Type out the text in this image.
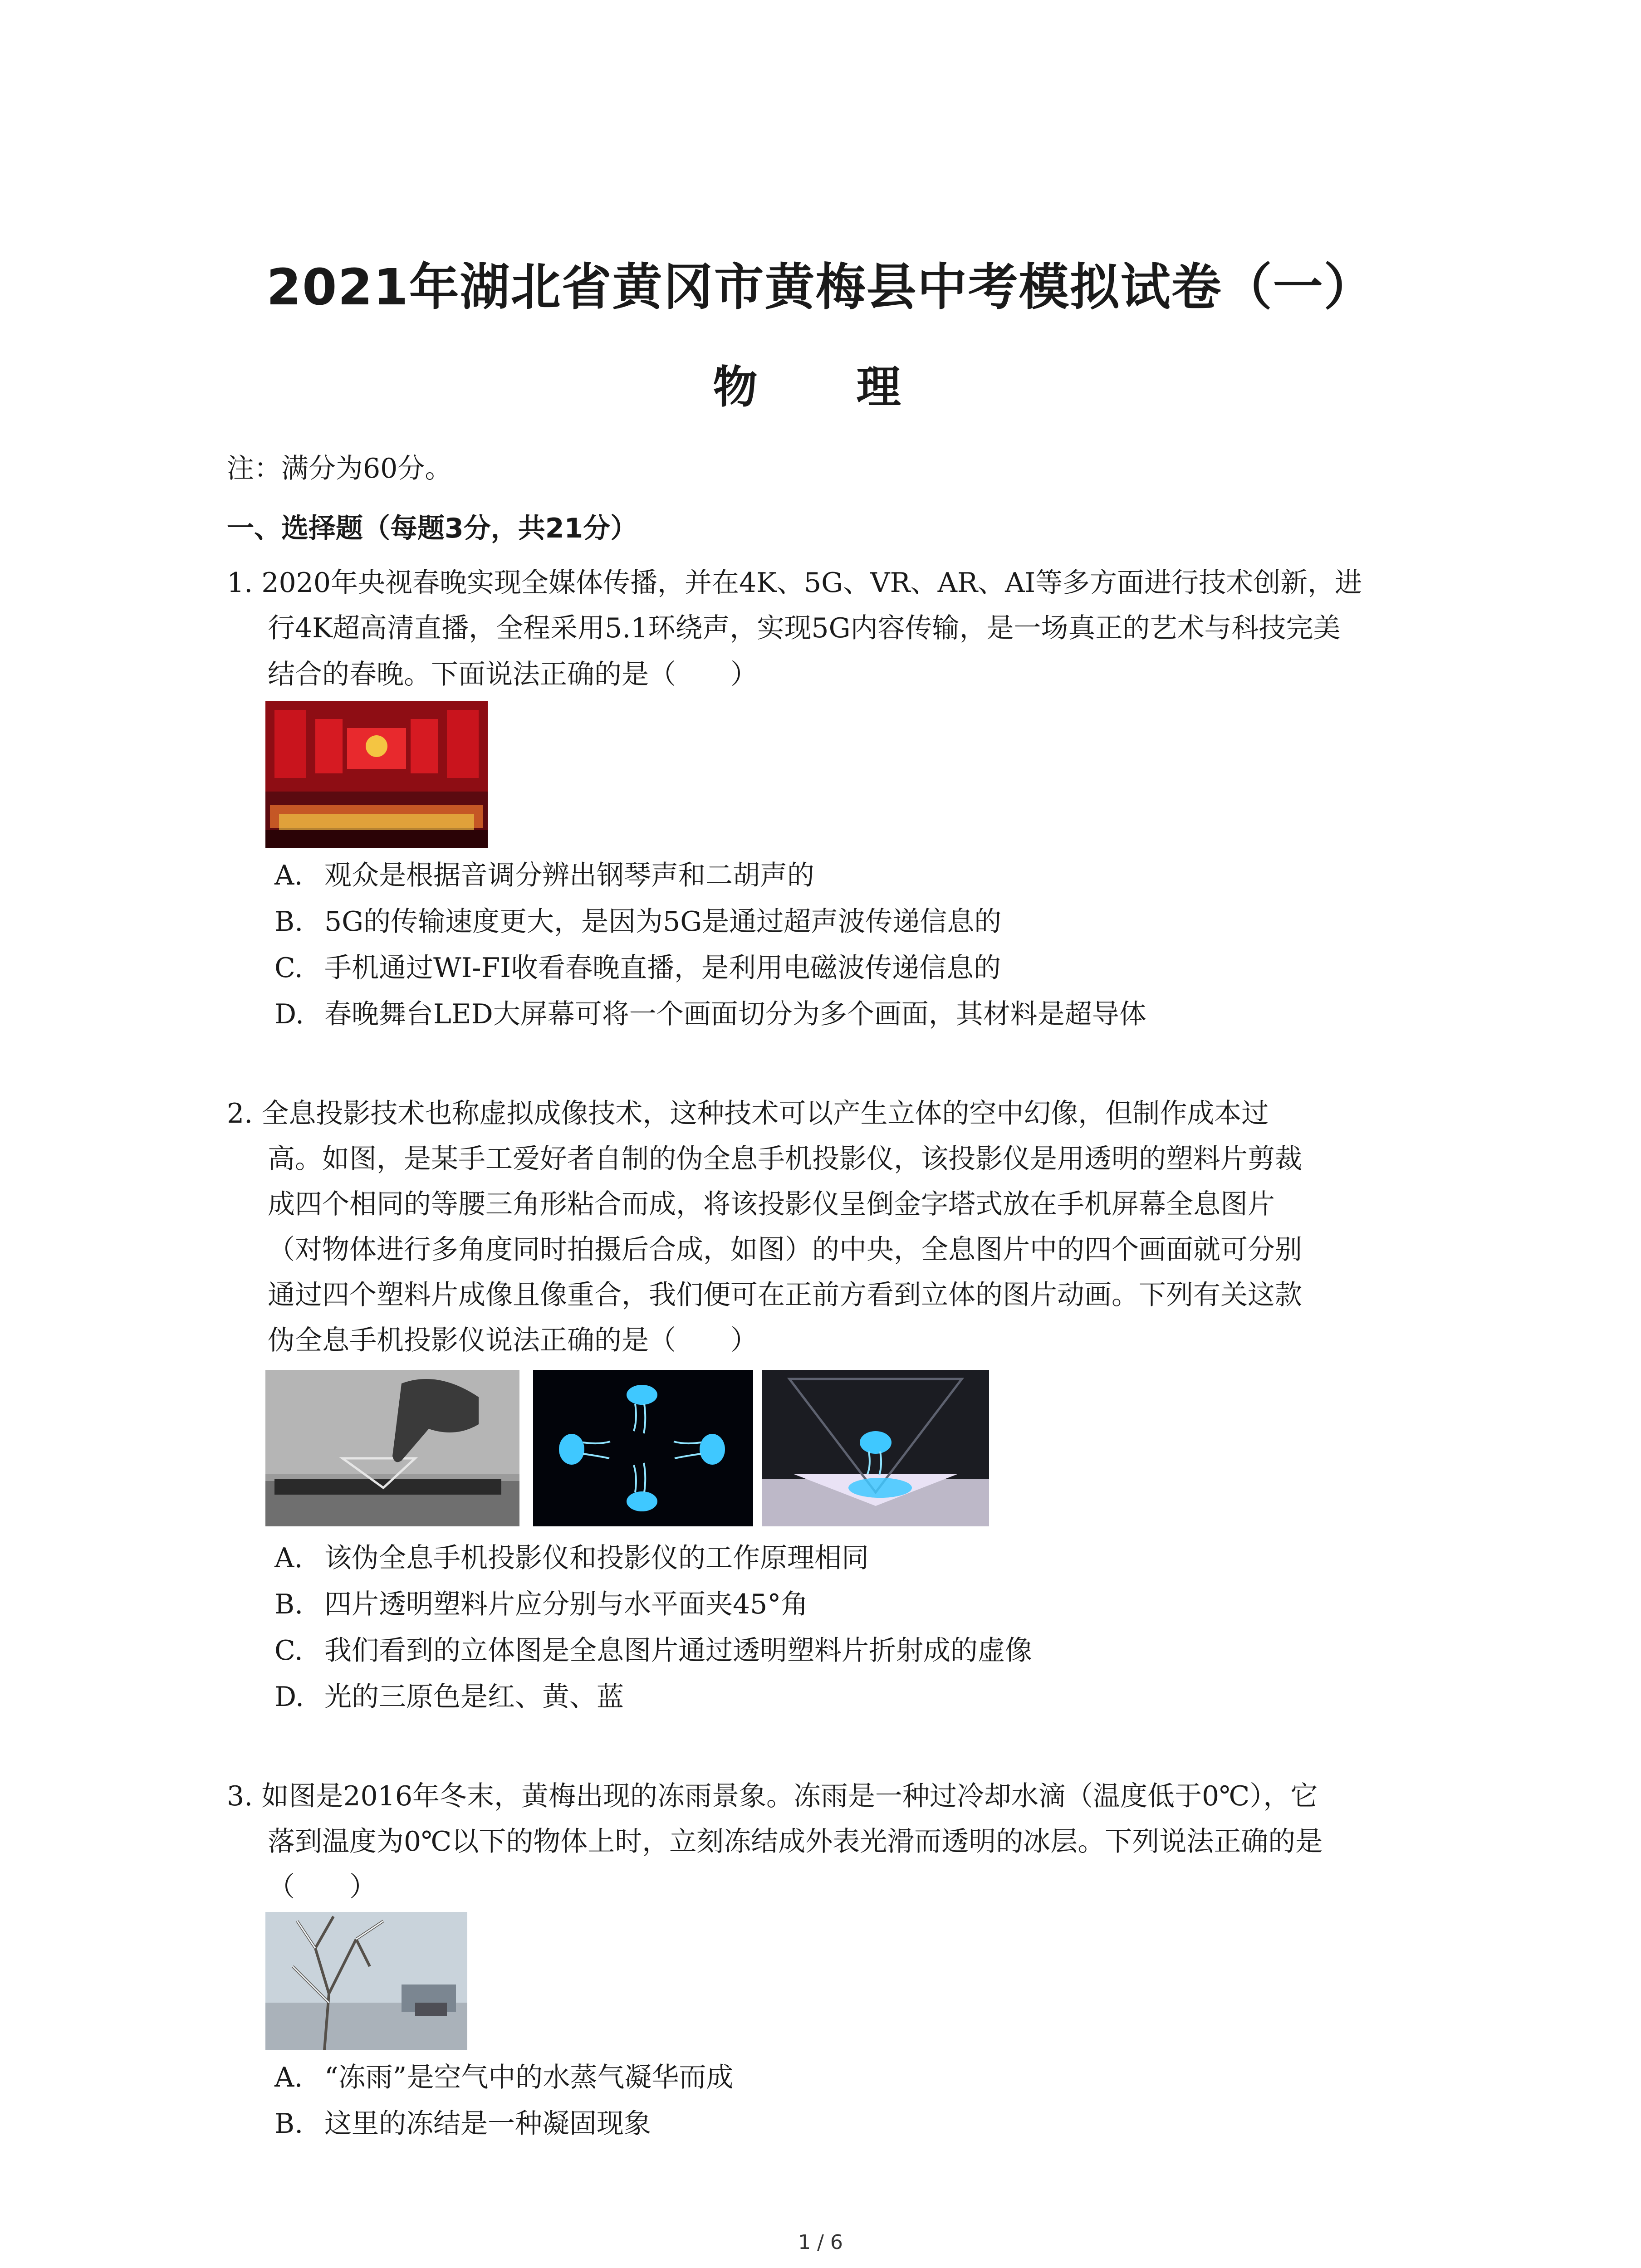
2021年湖北省黄冈市黄梅县中考模拟试卷（一）
物　理
注：满分为60分。
一、选择题（每题3分，共21分）
1. 2020年央视春晚实现全媒体传播，并在4K、5G、VR、AR、AI等多方面进行技术创新，进
行4K超高清直播，全程采用5.1环绕声，实现5G内容传输，是一场真正的艺术与科技完美
结合的春晚。下面说法正确的是（　　）
A. 观众是根据音调分辨出钢琴声和二胡声的
B. 5G的传输速度更大，是因为5G是通过超声波传递信息的
C. 手机通过WI-FI收看春晚直播，是利用电磁波传递信息的
D. 春晚舞台LED大屏幕可将一个画面切分为多个画面，其材料是超导体
2. 全息投影技术也称虚拟成像技术，这种技术可以产生立体的空中幻像，但制作成本过
高。如图，是某手工爱好者自制的伪全息手机投影仪，该投影仪是用透明的塑料片剪裁
成四个相同的等腰三角形粘合而成，将该投影仪呈倒金字塔式放在手机屏幕全息图片
（对物体进行多角度同时拍摄后合成，如图）的中央，全息图片中的四个画面就可分别
通过四个塑料片成像且像重合，我们便可在正前方看到立体的图片动画。下列有关这款
伪全息手机投影仪说法正确的是（　　）
A. 该伪全息手机投影仪和投影仪的工作原理相同
B. 四片透明塑料片应分别与水平面夹45°角
C. 我们看到的立体图是全息图片通过透明塑料片折射成的虚像
D. 光的三原色是红、黄、蓝
3. 如图是2016年冬末，黄梅出现的冻雨景象。冻雨是一种过冷却水滴（温度低于0℃），它
落到温度为0℃以下的物体上时，立刻冻结成外表光滑而透明的冰层。下列说法正确的是
（　　）
A. “冻雨”是空气中的水蒸气凝华而成
B. 这里的冻结是一种凝固现象
1 / 6
